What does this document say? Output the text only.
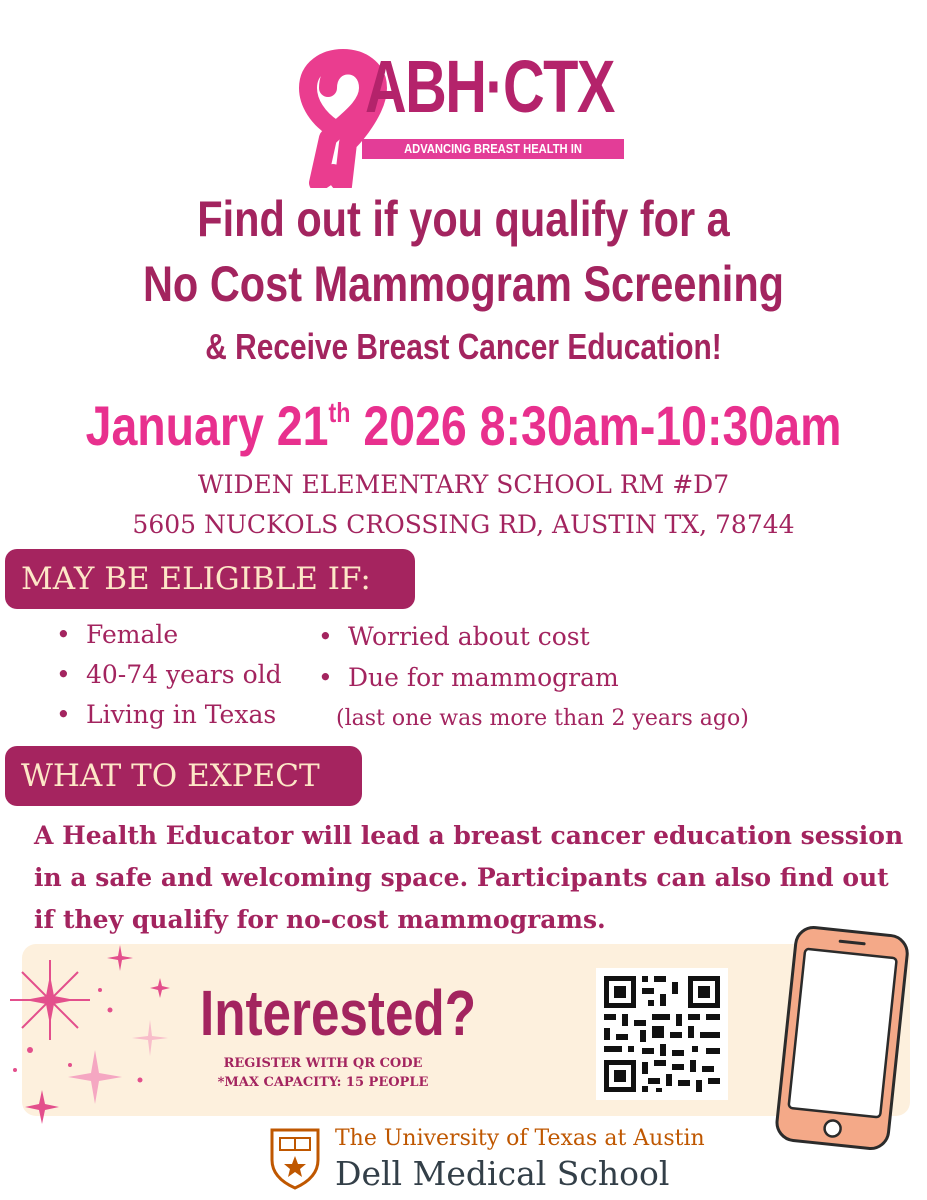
ABH·CTX
ADVANCING BREAST HEALTH IN CENTRAL TEXAS
Find out if you qualify for a
No Cost Mammogram Screening
& Receive Breast Cancer Education!
January 21th 2026 8:30am-10:30am
WIDEN ELEMENTARY SCHOOL RM #D7
5605 NUCKOLS CROSSING RD, AUSTIN TX, 78744
MAY BE ELIGIBLE IF:
• Female
• 40-74 years old
• Living in Texas
• Worried about cost
• Due for mammogram
(last one was more than 2 years ago)
WHAT TO EXPECT
A Health Educator will lead a breast cancer education session
in a safe and welcoming space. Participants can also find out
if they qualify for no-cost mammograms.
Interested?
REGISTER WITH QR CODE
*MAX CAPACITY: 15 PEOPLE
The University of Texas at Austin
Dell Medical School
